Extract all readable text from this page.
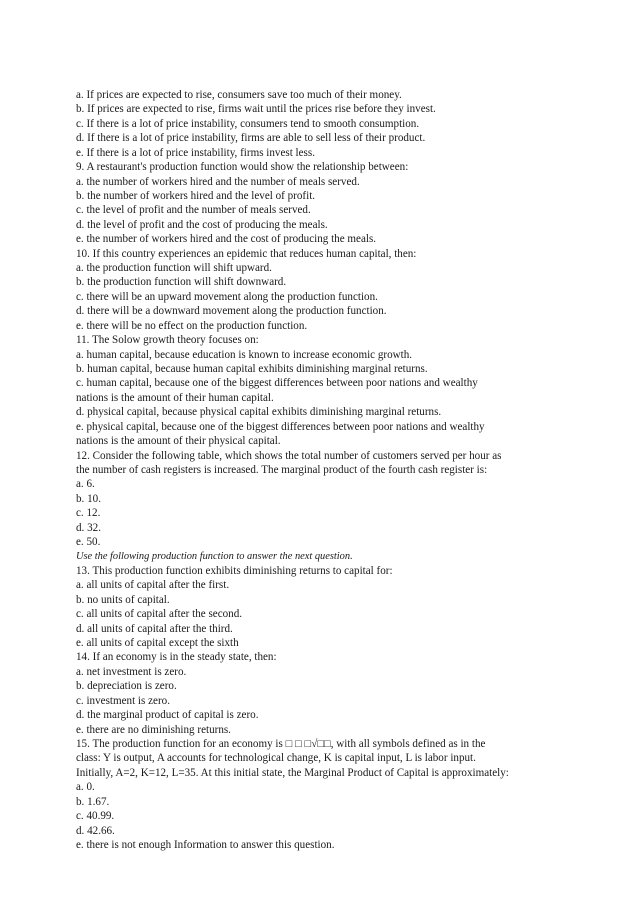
a. If prices are expected to rise, consumers save too much of their money.
b. If prices are expected to rise, firms wait until the prices rise before they invest.
c. If there is a lot of price instability, consumers tend to smooth consumption.
d. If there is a lot of price instability, firms are able to sell less of their product.
e. If there is a lot of price instability, firms invest less.
9. A restaurant's production function would show the relationship between:
a. the number of workers hired and the number of meals served.
b. the number of workers hired and the level of profit.
c. the level of profit and the number of meals served.
d. the level of profit and the cost of producing the meals.
e. the number of workers hired and the cost of producing the meals.
10. If this country experiences an epidemic that reduces human capital, then:
a. the production function will shift upward.
b. the production function will shift downward.
c. there will be an upward movement along the production function.
d. there will be a downward movement along the production function.
e. there will be no effect on the production function.
11. The Solow growth theory focuses on:
a. human capital, because education is known to increase economic growth.
b. human capital, because human capital exhibits diminishing marginal returns.
c. human capital, because one of the biggest differences between poor nations and wealthy
nations is the amount of their human capital.
d. physical capital, because physical capital exhibits diminishing marginal returns.
e. physical capital, because one of the biggest differences between poor nations and wealthy
nations is the amount of their physical capital.
12. Consider the following table, which shows the total number of customers served per hour as
the number of cash registers is increased. The marginal product of the fourth cash register is:
a. 6.
b. 10.
c. 12.
d. 32.
e. 50.
Use the following production function to answer the next question.
13. This production function exhibits diminishing returns to capital for:
a. all units of capital after the first.
b. no units of capital.
c. all units of capital after the second.
d. all units of capital after the third.
e. all units of capital except the sixth
14. If an economy is in the steady state, then:
a. net investment is zero.
b. depreciation is zero.
c. investment is zero.
d. the marginal product of capital is zero.
e. there are no diminishing returns.
15. The production function for an economy is □ □ □√□□, with all symbols defined as in the
class: Y is output, A accounts for technological change, K is capital input, L is labor input.
Initially, A=2, K=12, L=35. At this initial state, the Marginal Product of Capital is approximately:
a. 0.
b. 1.67.
c. 40.99.
d. 42.66.
e. there is not enough Information to answer this question.
